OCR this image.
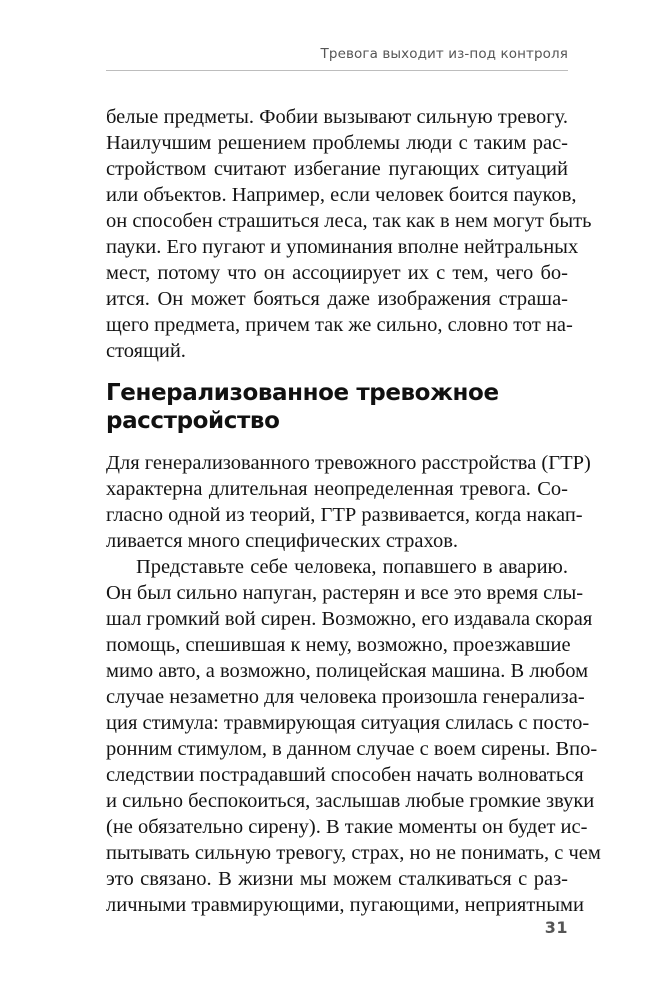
Тревога выходит из-под контроля
белые предметы. Фобии вызывают сильную тревогу.
Наилучшим решением проблемы люди с таким рас-
стройством считают избегание пугающих ситуаций
или объектов. Например, если человек боится пауков,
он способен страшиться леса, так как в нем могут быть
пауки. Его пугают и упоминания вполне нейтральных
мест, потому что он ассоциирует их с тем, чего бо-
ится. Он может бояться даже изображения страша-
щего предмета, причем так же сильно, словно тот на-
стоящий.
Генерализованное тревожное
расстройство
Для генерализованного тревожного расстройства (ГТР)
характерна длительная неопределенная тревога. Со-
гласно одной из теорий, ГТР развивается, когда накап-
ливается много специфических страхов.
Представьте себе человека, попавшего в аварию.
Он был сильно напуган, растерян и все это время слы-
шал громкий вой сирен. Возможно, его издавала скорая
помощь, спешившая к нему, возможно, проезжавшие
мимо авто, а возможно, полицейская машина. В любом
случае незаметно для человека произошла генерализа-
ция стимула: травмирующая ситуация слилась с посто-
ронним стимулом, в данном случае с воем сирены. Впо-
следствии пострадавший способен начать волноваться
и сильно беспокоиться, заслышав любые громкие звуки
(не обязательно сирену). В такие моменты он будет ис-
пытывать сильную тревогу, страх, но не понимать, с чем
это связано. В жизни мы можем сталкиваться с раз-
личными травмирующими, пугающими, неприятными
31
